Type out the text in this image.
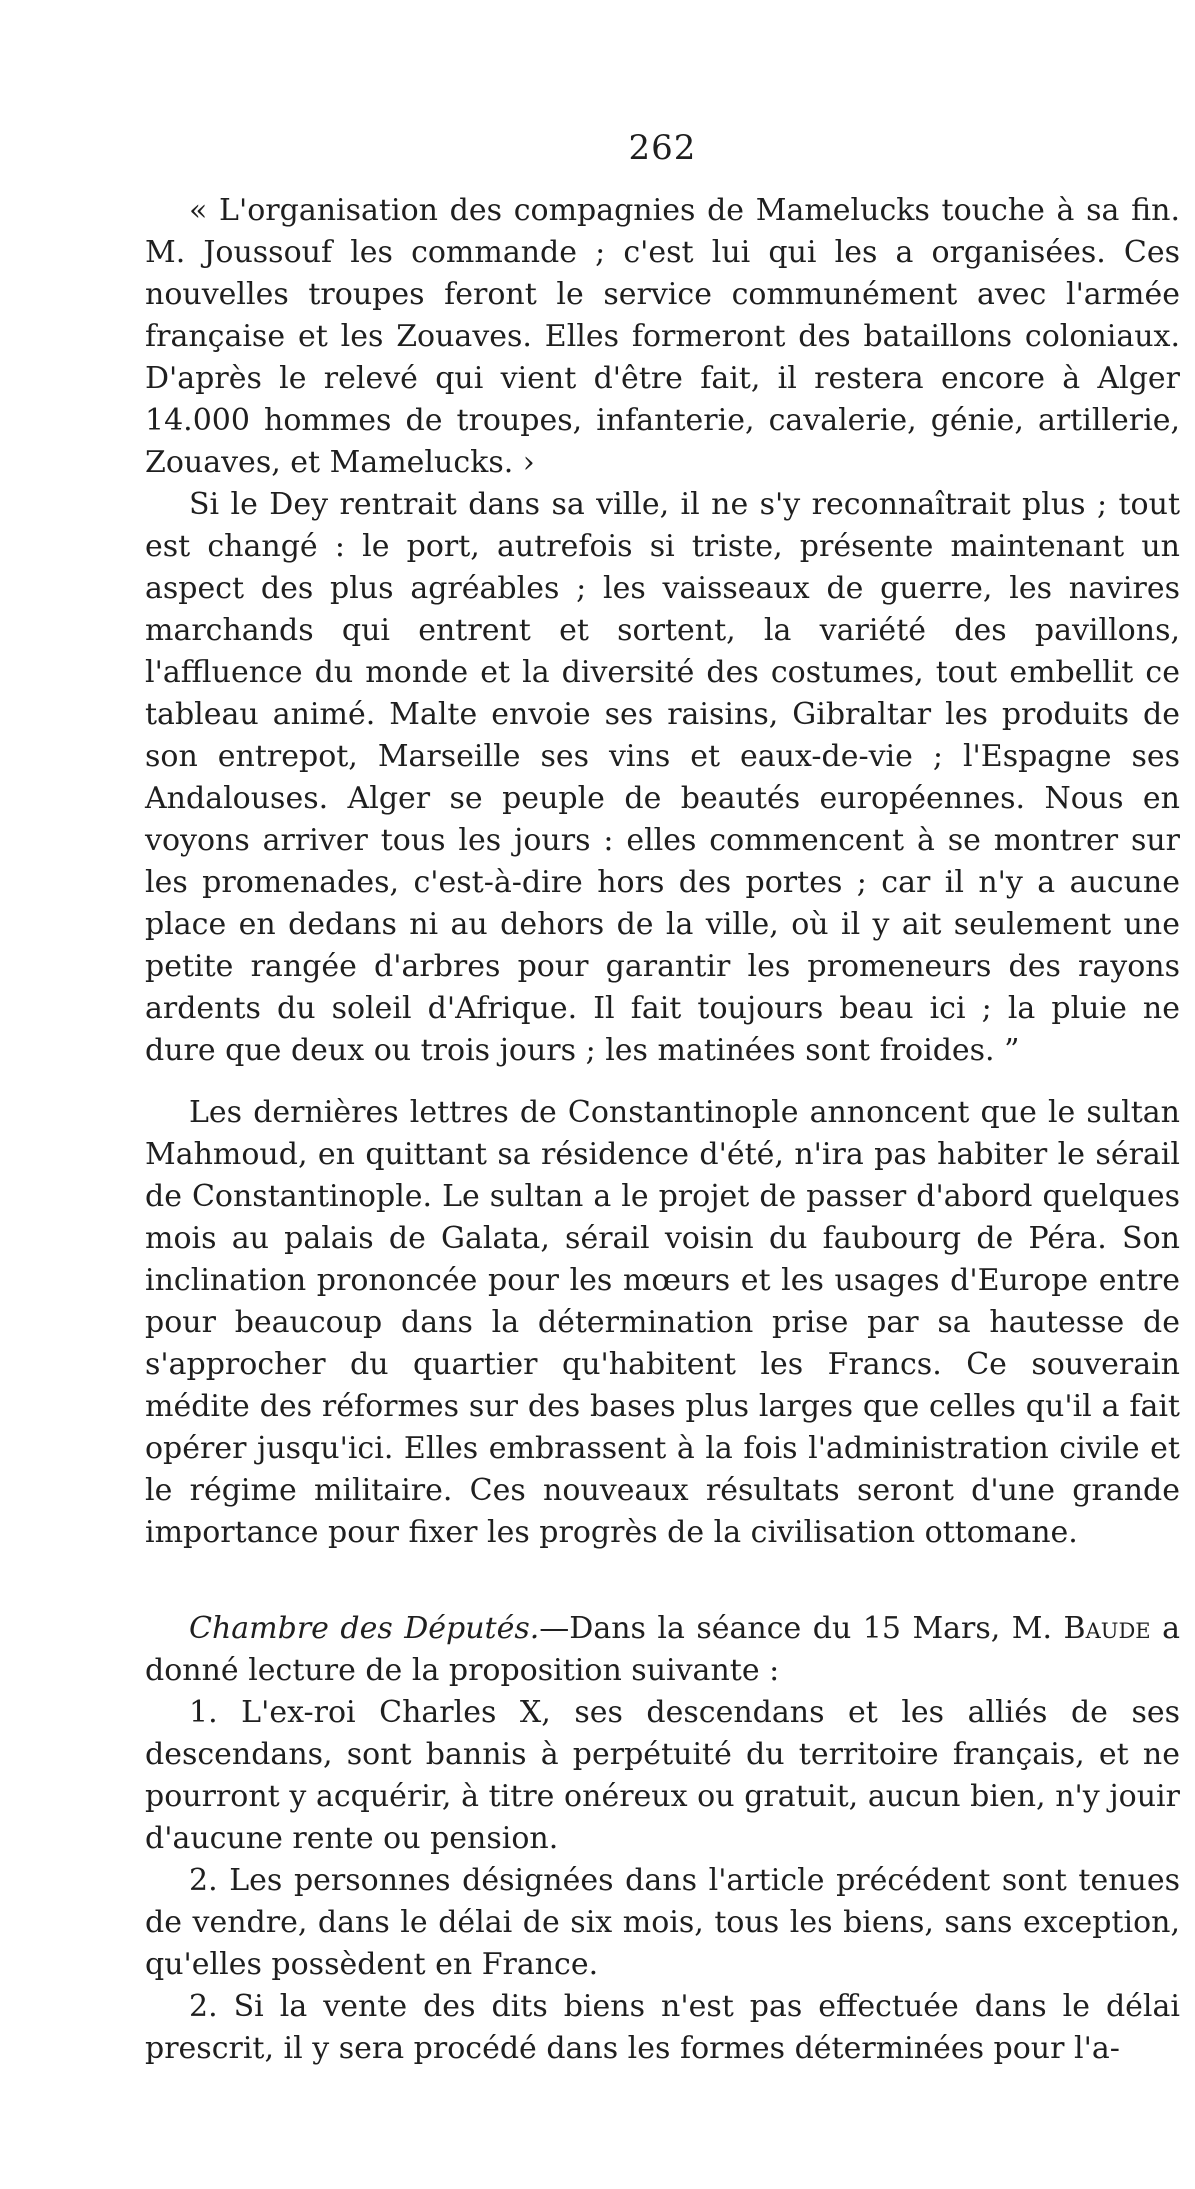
262

« L'organisation des compagnies de Mamelucks touche à sa fin. M. Joussouf les commande ; c'est lui qui les a organisées. Ces nouvelles troupes feront le service communément avec l'armée française et les Zouaves. Elles formeront des bataillons coloniaux. D'après le relevé qui vient d'être fait, il restera encore à Alger 14.000 hommes de troupes, infanterie, cavalerie, génie, artillerie, Zouaves, et Mamelucks. ›

Si le Dey rentrait dans sa ville, il ne s'y reconnaîtrait plus ; tout est changé : le port, autrefois si triste, présente maintenant un aspect des plus agréables ; les vaisseaux de guerre, les navires marchands qui entrent et sortent, la variété des pavillons, l'affluence du monde et la diversité des costumes, tout embellit ce tableau animé. Malte envoie ses raisins, Gibraltar les produits de son entrepot, Marseille ses vins et eaux-de-vie ; l'Espagne ses Andalouses. Alger se peuple de beautés européennes. Nous en voyons arriver tous les jours : elles commencent à se montrer sur les promenades, c'est-à-dire hors des portes ; car il n'y a aucune place en dedans ni au dehors de la ville, où il y ait seulement une petite rangée d'arbres pour garantir les promeneurs des rayons ardents du soleil d'Afrique. Il fait toujours beau ici ; la pluie ne dure que deux ou trois jours ; les matinées sont froides. ”

Les dernières lettres de Constantinople annoncent que le sultan Mahmoud, en quittant sa résidence d'été, n'ira pas habiter le sérail de Constantinople. Le sultan a le projet de passer d'abord quelques mois au palais de Galata, sérail voisin du faubourg de Péra. Son inclination prononcée pour les mœurs et les usages d'Europe entre pour beaucoup dans la détermination prise par sa hautesse de s'approcher du quartier qu'habitent les Francs. Ce souverain médite des réformes sur des bases plus larges que celles qu'il a fait opérer jusqu'ici. Elles embrassent à la fois l'administration civile et le régime militaire. Ces nouveaux résultats seront d'une grande importance pour fixer les progrès de la civilisation ottomane.

Chambre des Députés.—Dans la séance du 15 Mars, M. Baude a donné lecture de la proposition suivante :

1. L'ex-roi Charles X, ses descendans et les alliés de ses descendans, sont bannis à perpétuité du territoire français, et ne pourront y acquérir, à titre onéreux ou gratuit, aucun bien, n'y jouir d'aucune rente ou pension.

2. Les personnes désignées dans l'article précédent sont tenues de vendre, dans le délai de six mois, tous les biens, sans exception, qu'elles possèdent en France.

2. Si la vente des dits biens n'est pas effectuée dans le délai prescrit, il y sera procédé dans les formes déterminées pour l'a-
